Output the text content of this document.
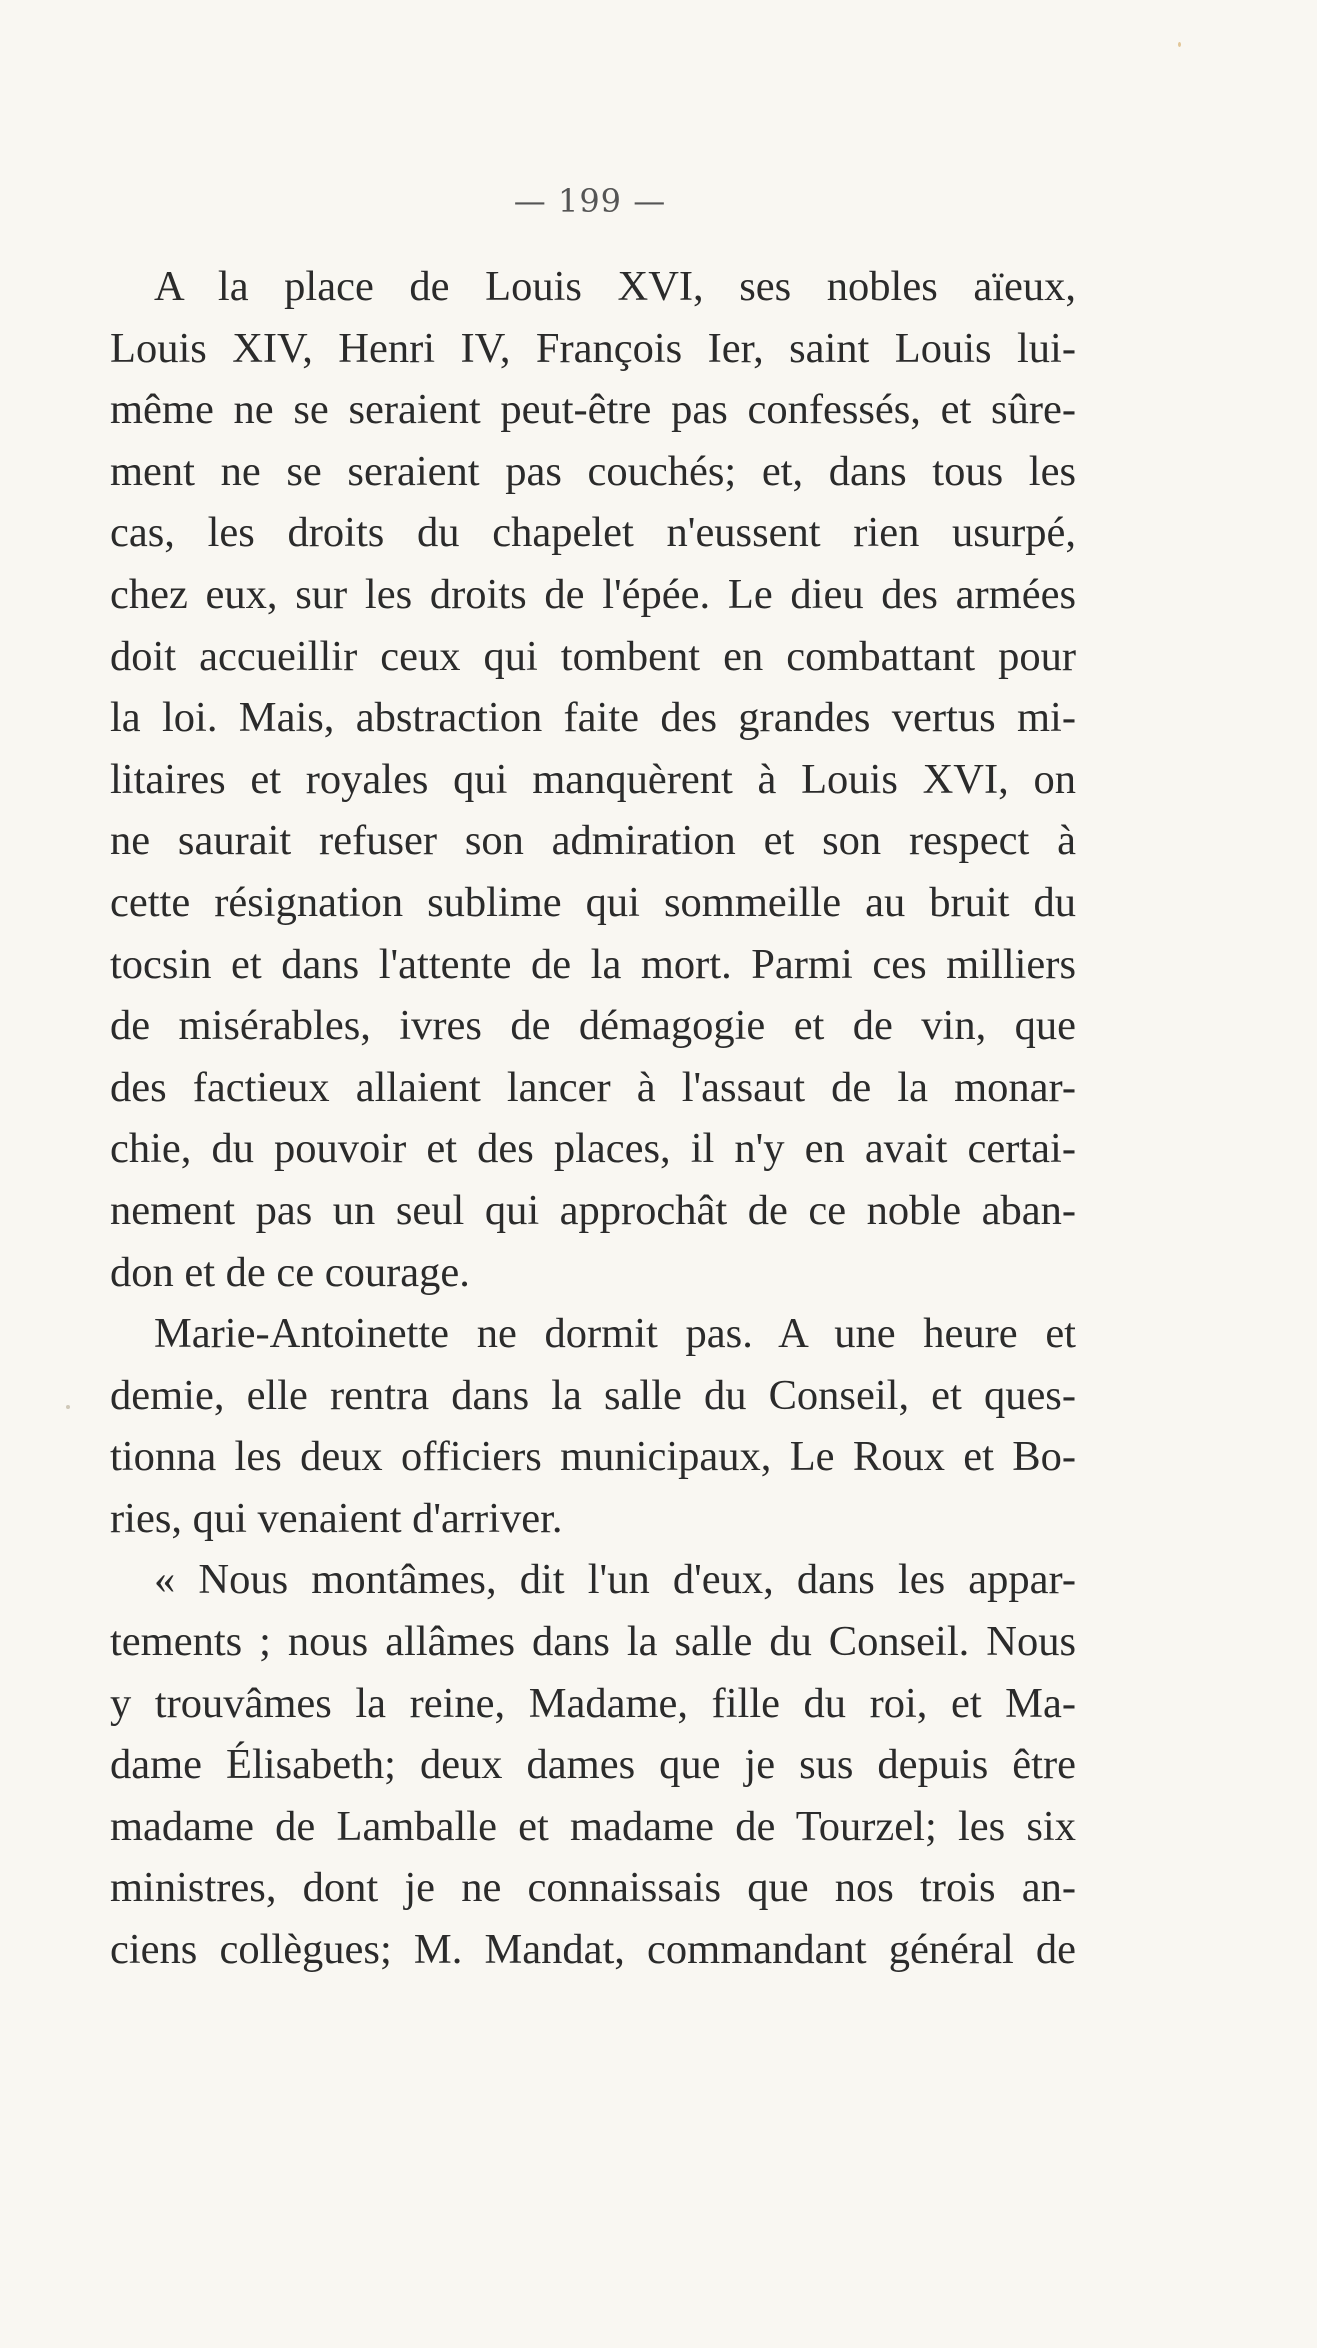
— 199 —
A la place de Louis XVI, ses nobles aïeux,
Louis XIV, Henri IV, François Ier, saint Louis lui-
même ne se seraient peut-être pas confessés, et sûre-
ment ne se seraient pas couchés; et, dans tous les
cas, les droits du chapelet n'eussent rien usurpé,
chez eux, sur les droits de l'épée. Le dieu des armées
doit accueillir ceux qui tombent en combattant pour
la loi. Mais, abstraction faite des grandes vertus mi-
litaires et royales qui manquèrent à Louis XVI, on
ne saurait refuser son admiration et son respect à
cette résignation sublime qui sommeille au bruit du
tocsin et dans l'attente de la mort. Parmi ces milliers
de misérables, ivres de démagogie et de vin, que
des factieux allaient lancer à l'assaut de la monar-
chie, du pouvoir et des places, il n'y en avait certai-
nement pas un seul qui approchât de ce noble aban-
don et de ce courage.
Marie-Antoinette ne dormit pas. A une heure et
demie, elle rentra dans la salle du Conseil, et ques-
tionna les deux officiers municipaux, Le Roux et Bo-
ries, qui venaient d'arriver.
« Nous montâmes, dit l'un d'eux, dans les appar-
tements ; nous allâmes dans la salle du Conseil. Nous
y trouvâmes la reine, Madame, fille du roi, et Ma-
dame Élisabeth; deux dames que je sus depuis être
madame de Lamballe et madame de Tourzel; les six
ministres, dont je ne connaissais que nos trois an-
ciens collègues; M. Mandat, commandant général de
